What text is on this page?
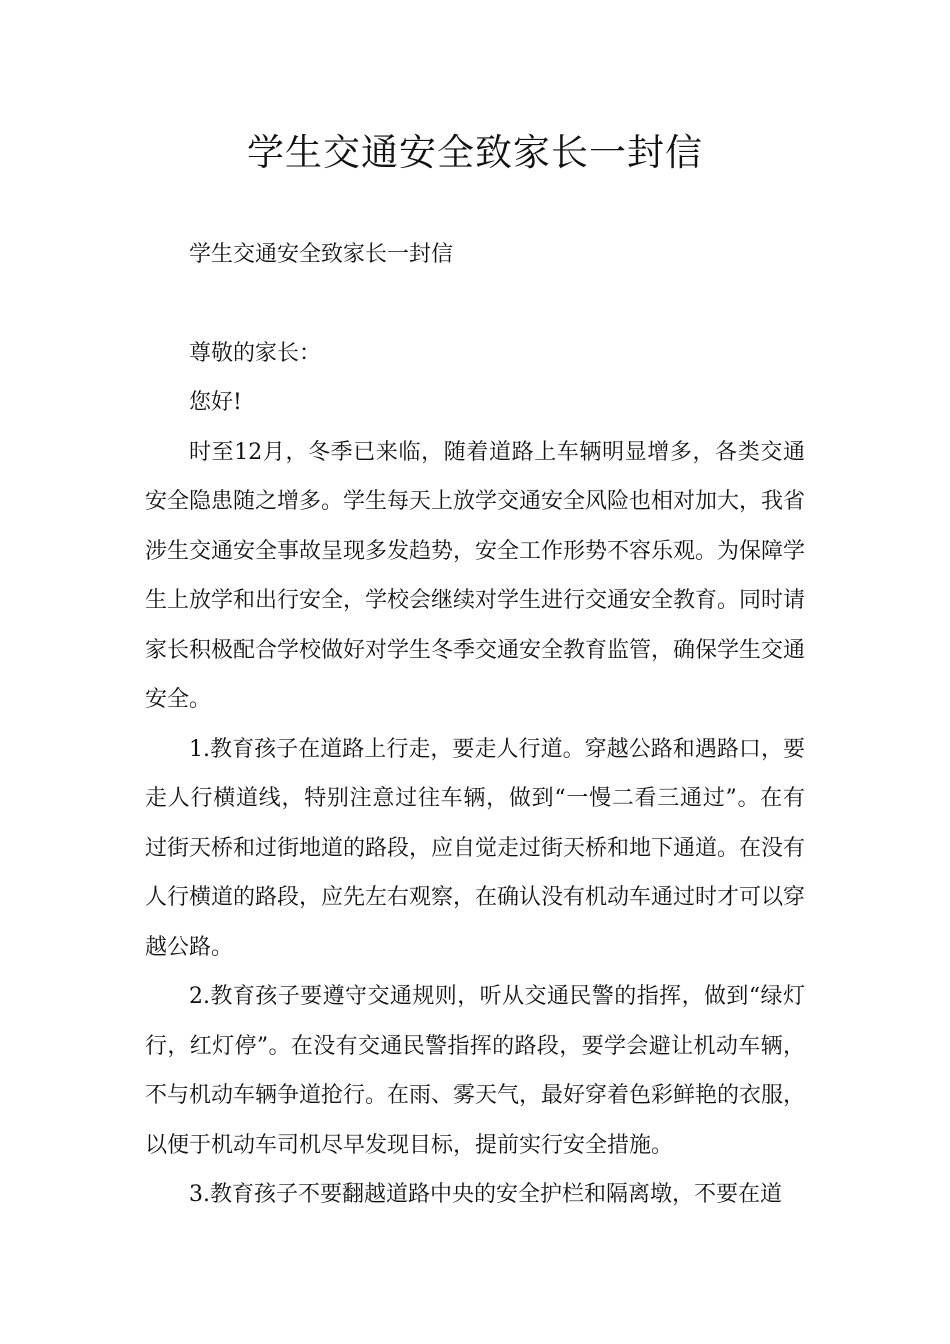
学生交通安全致家长一封信

学生交通安全致家长一封信

尊敬的家长：

您好!

时至12月，冬季已来临，随着道路上车辆明显增多，各类交通安全隐患随之增多。学生每天上放学交通安全风险也相对加大，我省涉生交通安全事故呈现多发趋势，安全工作形势不容乐观。为保障学生上放学和出行安全，学校会继续对学生进行交通安全教育。同时请家长积极配合学校做好对学生冬季交通安全教育监管，确保学生交通安全。

1.教育孩子在道路上行走，要走人行道。穿越公路和遇路口，要走人行横道线，特别注意过往车辆，做到“一慢二看三通过”。在有过街天桥和过街地道的路段，应自觉走过街天桥和地下通道。在没有人行横道的路段，应先左右观察，在确认没有机动车通过时才可以穿越公路。

2.教育孩子要遵守交通规则，听从交通民警的指挥，做到“绿灯行，红灯停”。在没有交通民警指挥的路段，要学会避让机动车辆，不与机动车辆争道抢行。在雨、雾天气，最好穿着色彩鲜艳的衣服，以便于机动车司机尽早发现目标，提前实行安全措施。

3.教育孩子不要翻越道路中央的安全护栏和隔离墩，不要在道
